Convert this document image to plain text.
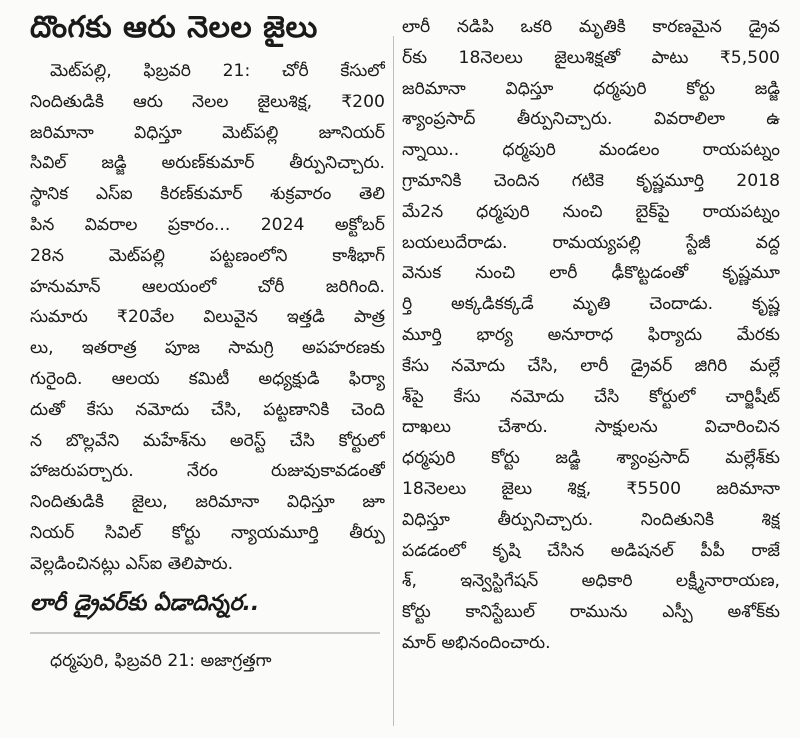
దొంగకు ఆరు నెలల జైలు
మెట్‌పల్లి, ఫిబ్రవరి 21: చోరీ కేసులో
నిందితుడికి ఆరు నెలల జైలుశిక్ష, ₹200
జరిమానా విధిస్తూ మెట్‌పల్లి జూనియర్
సివిల్ జడ్జి అరుణ్‌కుమార్ తీర్పునిచ్చారు.
స్థానిక ఎస్ఐ కిరణ్‌కుమార్ శుక్రవారం తెలి
పిన వివరాల ప్రకారం... 2024 అక్టోబర్
28న మెట్‌పల్లి పట్టణంలోని కాశీభాగ్
హనుమాన్ ఆలయంలో చోరీ జరిగింది.
సుమారు ₹20వేల విలువైన ఇత్తడి పాత్ర
లు, ఇతరాత్ర పూజ సామగ్రి అపహరణకు
గురైంది. ఆలయ కమిటీ అధ్యక్షుడి ఫిర్యా
దుతో కేసు నమోదు చేసి, పట్టణానికి చెంది
న బొల్లవేని మహేశ్‌ను అరెస్ట్ చేసి కోర్టులో
హాజరుపర్చారు. నేరం రుజువుకావడంతో
నిందితుడికి జైలు, జరిమానా విధిస్తూ జూ
నియర్ సివిల్ కోర్టు న్యాయమూర్తి తీర్పు
వెల్లడించినట్లు ఎస్ఐ తెలిపారు.
లారీ డ్రైవర్‌కు ఏడాదిన్నర..
ధర్మపురి, ఫిబ్రవరి 21: అజాగ్రత్తగా
లారీ నడిపి ఒకరి మృతికి కారణమైన డ్రైవ
ర్‌కు 18నెలలు జైలుశిక్షతో పాటు ₹5,500
జరిమానా విధిస్తూ ధర్మపురి కోర్టు జడ్జి
శ్యాంప్రసాద్ తీర్పునిచ్చారు. వివరాలిలా ఉ
న్నాయి.. ధర్మపురి మండలం రాయపట్నం
గ్రామానికి చెందిన గటికె కృష్ణమూర్తి 2018
మే2న ధర్మపురి నుంచి బైక్‌పై రాయపట్నం
బయలుదేరాడు. రామయ్యపల్లి స్టేజీ వద్ద
వెనుక నుంచి లారీ ఢీకొట్టడంతో కృష్ణమూ
ర్తి అక్కడికక్కడే మృతి చెందాడు. కృష్ణ
మూర్తి భార్య అనూరాధ ఫిర్యాదు మేరకు
కేసు నమోదు చేసి, లారీ డ్రైవర్ జిగిరి మల్లే
శ్‌పై కేసు నమోదు చేసి కోర్టులో చార్జిషీట్
దాఖలు చేశారు. సాక్షులను విచారించిన
ధర్మపురి కోర్టు జడ్జి శ్యాంప్రసాద్ మల్లేశ్‌కు
18నెలలు జైలు శిక్ష, ₹5500 జరిమానా
విధిస్తూ తీర్పునిచ్చారు. నిందితునికి శిక్ష
పడడంలో కృషి చేసిన అడిషనల్ పీపీ రాజే
శ్, ఇన్వెస్టిగేషన్ అధికారి లక్ష్మీనారాయణ,
కోర్టు కానిస్టేబుల్ రామును ఎస్పీ అశోక్‌కు
మార్ అభినందించారు.
